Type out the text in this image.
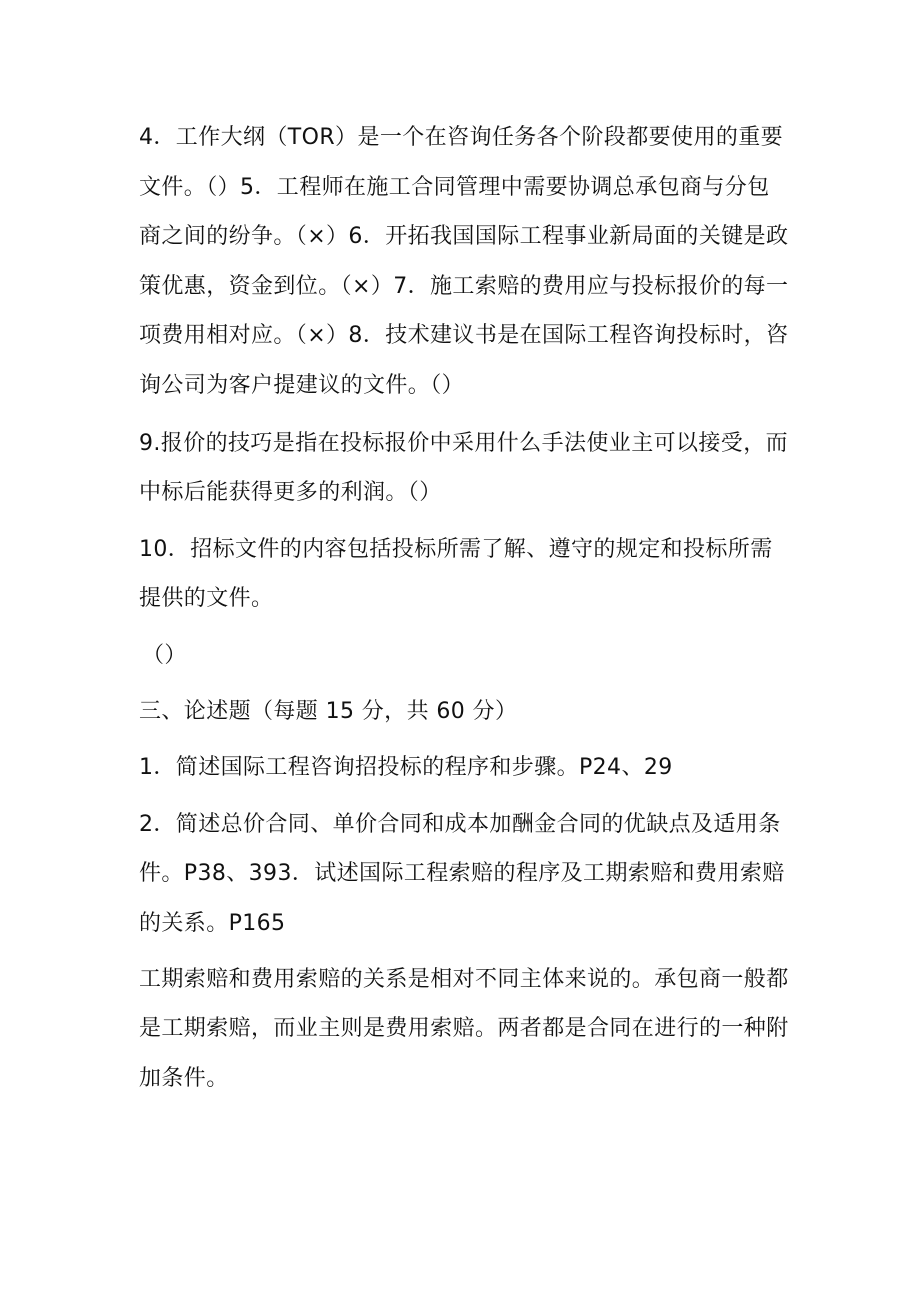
4．工作大纲（TOR）是一个在咨询任务各个阶段都要使用的重要文件。（）5．工程师在施工合同管理中需要协调总承包商与分包商之间的纷争。（×）6．开拓我国国际工程事业新局面的关键是政策优惠，资金到位。（×）7．施工索赔的费用应与投标报价的每一项费用相对应。（×）8．技术建议书是在国际工程咨询投标时，咨询公司为客户提建议的文件。（）

9.报价的技巧是指在投标报价中采用什么手法使业主可以接受，而中标后能获得更多的利润。（）

10．招标文件的内容包括投标所需了解、遵守的规定和投标所需提供的文件。

（）

三、论述题（每题 15 分，共 60 分）

1．简述国际工程咨询招投标的程序和步骤。P24、29

2．简述总价合同、单价合同和成本加酬金合同的优缺点及适用条件。P38、393．试述国际工程索赔的程序及工期索赔和费用索赔的关系。P165

工期索赔和费用索赔的关系是相对不同主体来说的。承包商一般都是工期索赔，而业主则是费用索赔。两者都是合同在进行的一种附加条件。
